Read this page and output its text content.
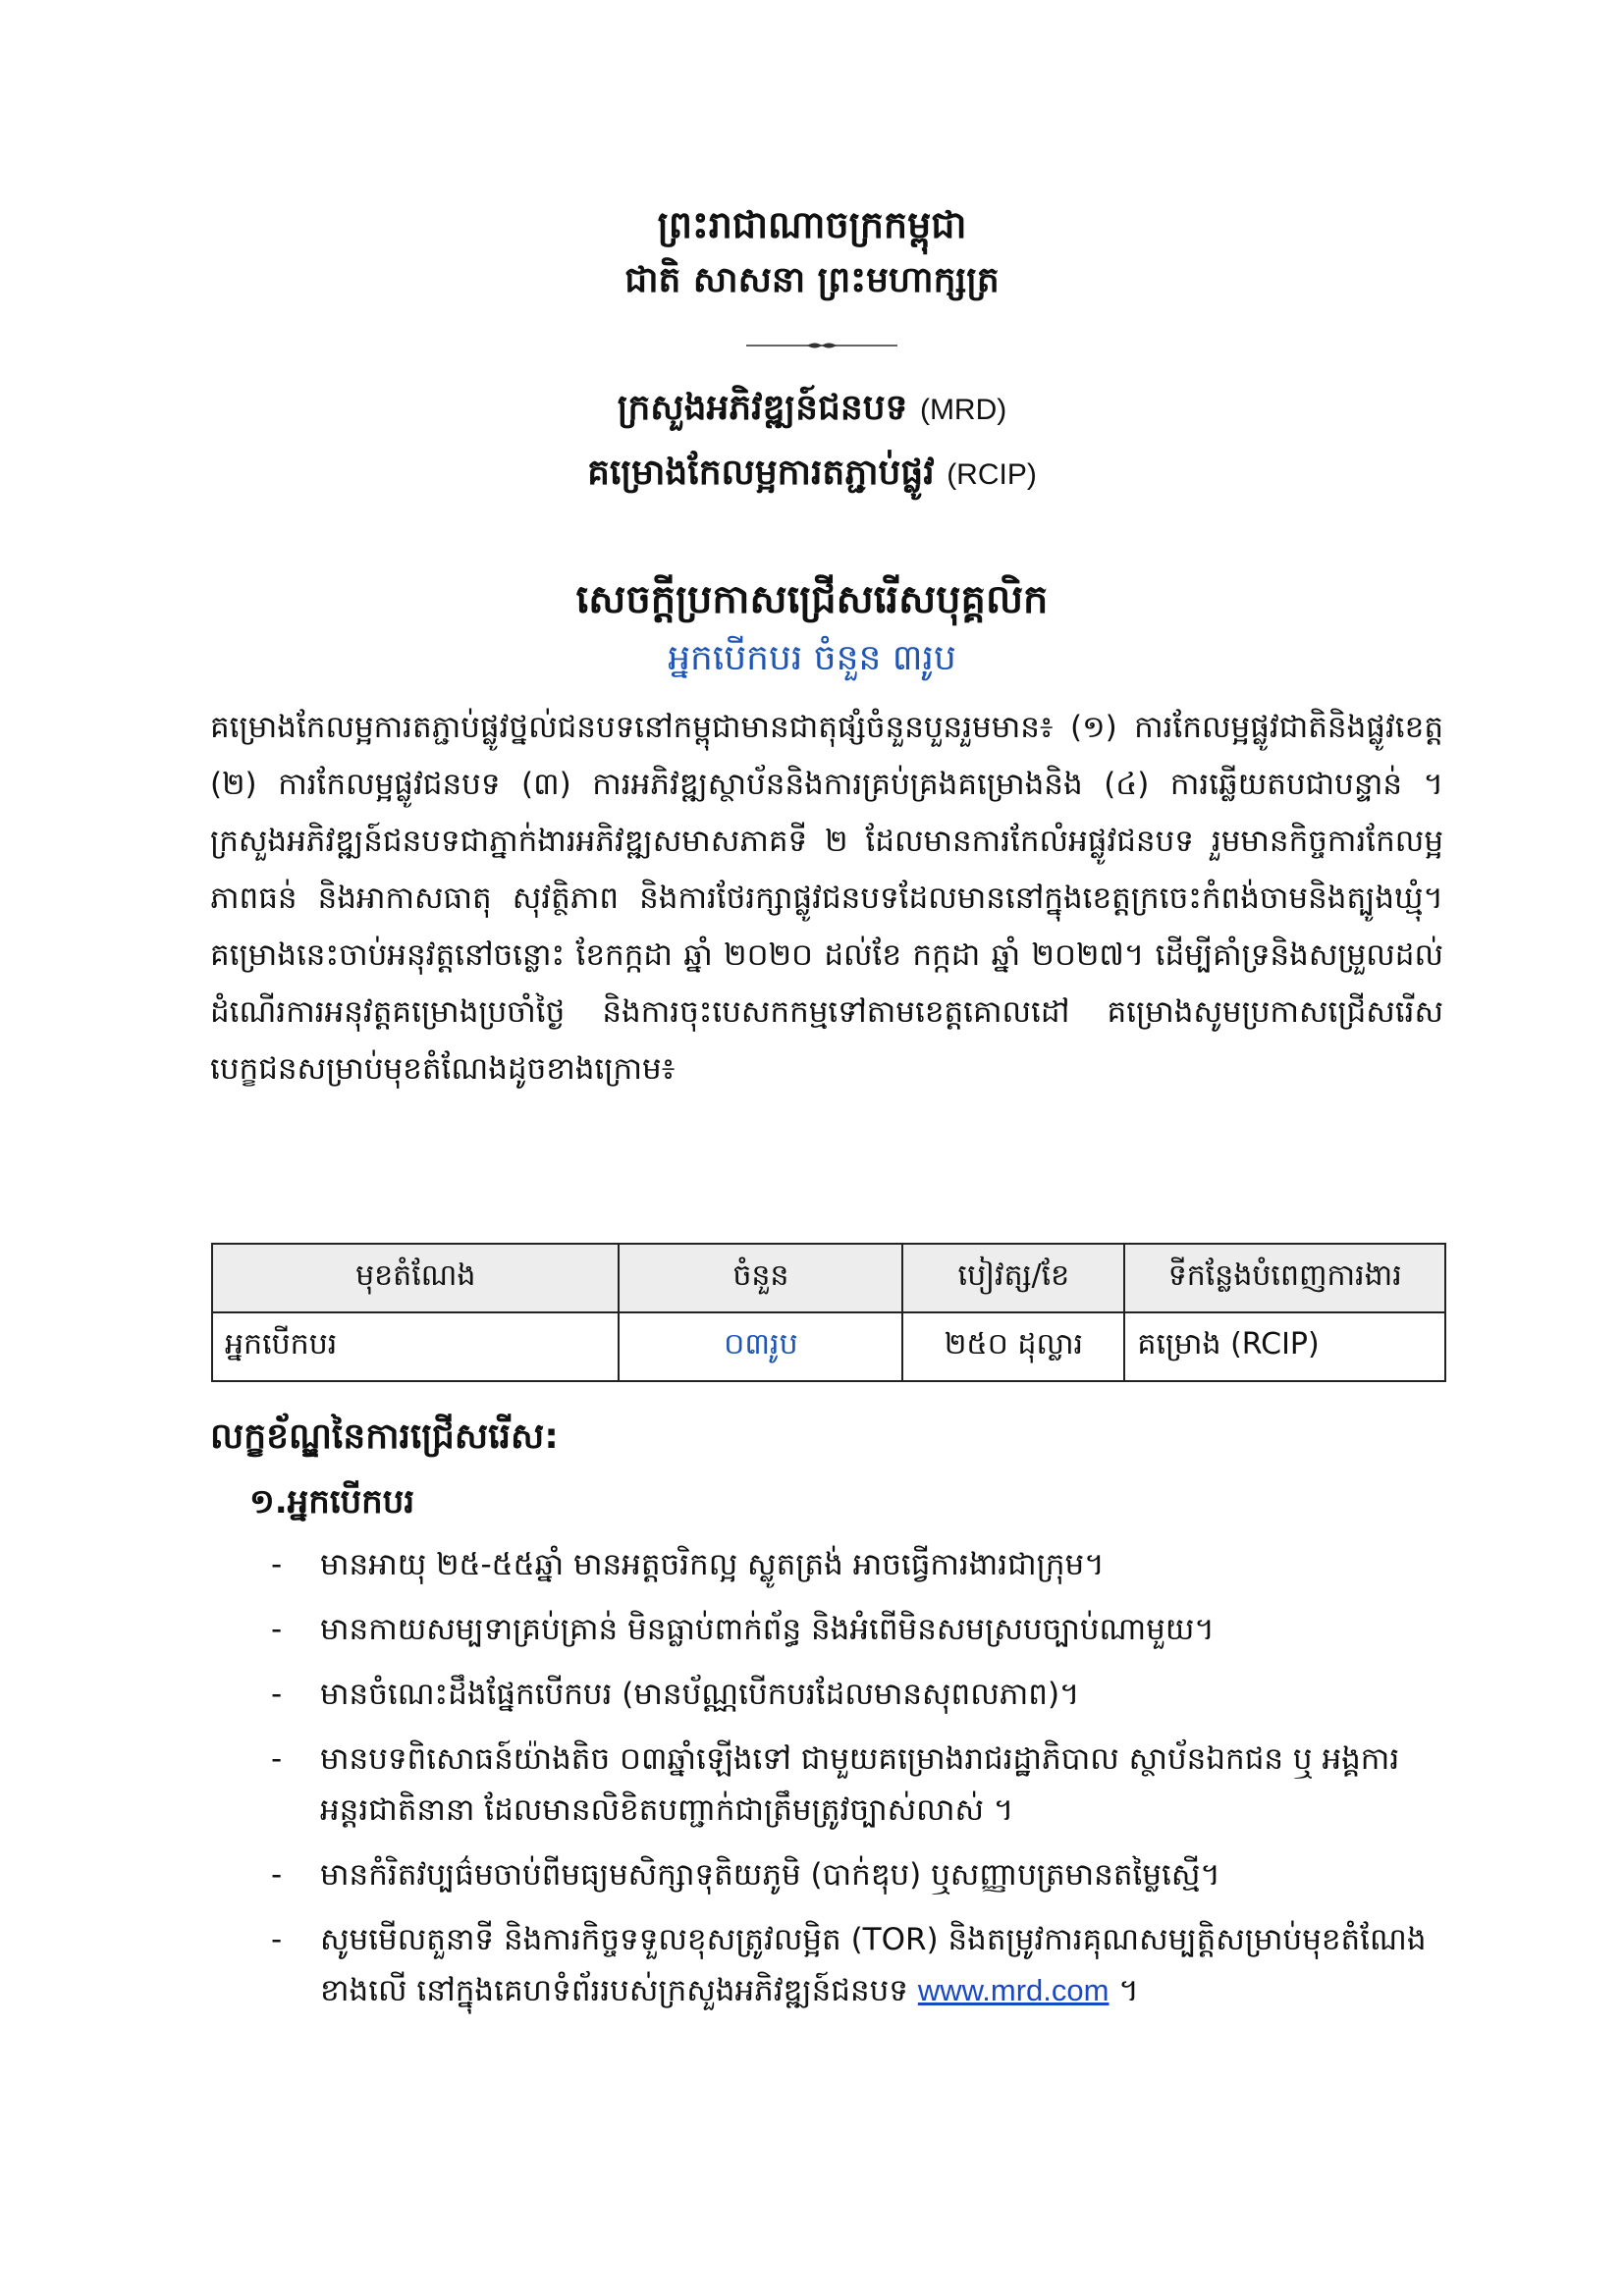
ព្រះរាជាណាចក្រកម្ពុជា
ជាតិ សាសនា ព្រះមហាក្សត្រ
ក្រសួងអភិវឌ្ឍន៍ជនបទ (MRD)
គម្រោងកែលម្អការតភ្ជាប់ផ្លូវ (RCIP)
សេចក្តីប្រកាសជ្រើសរើសបុគ្គលិក
អ្នកបើកបរ ចំនួន ៣រូប
គម្រោងកែលម្អការតភ្ជាប់ផ្លូវថ្នល់ជនបទនៅកម្ពុជាមានជាតុផ្សំចំនួនបួនរួមមាន៖ (១) ការកែលម្អផ្លូវជាតិនិងផ្លូវខេត្ត (២) ការកែលម្អផ្លូវជនបទ (៣) ការអភិវឌ្ឍស្ថាប័ននិងការគ្រប់គ្រងគម្រោងនិង (៤) ការឆ្លើយតបជាបន្ទាន់ ។ ក្រសួងអភិវឌ្ឍន៍ជនបទជាភ្នាក់ងារអភិវឌ្ឍសមាសភាគទី ២ ដែលមានការកែលំអផ្លូវជនបទ រួមមានកិច្ចការកែលម្អភាពធន់ និងអាកាសធាតុ សុវត្ថិភាព និងការថែរក្សាផ្លូវជនបទដែលមាននៅក្នុងខេត្តក្រចេះកំពង់ចាមនិងត្បូងឃ្មុំ។ គម្រោងនេះចាប់អនុវត្តនៅចន្លោះ ខែកក្កដា ឆ្នាំ ២០២០ ដល់ខែ កក្កដា ឆ្នាំ ២០២៧។ ដើម្បីគាំទ្រនិងសម្រួលដល់ដំណើរការអនុវត្តគម្រោងប្រចាំថ្ងៃ និងការចុះបេសកកម្មទៅតាមខេត្តគោលដៅ គម្រោងសូមប្រកាសជ្រើសរើសបេក្ខជនសម្រាប់មុខតំណែងដូចខាងក្រោម៖
មុខតំណែង	ចំនួន	បៀវត្ស/ខែ	ទីកន្លែងបំពេញការងារ
អ្នកបើកបរ	០៣រូប	២៥០ ដុល្លារ	គម្រោង (RCIP)
លក្ខខ័ណ្ឌនៃការជ្រើសរើស:
១.អ្នកបើកបរ
- មានអាយុ ២៥-៥៥ឆ្នាំ មានអត្តចរិកល្អ ស្លូតត្រង់ អាចធ្វើការងារជាក្រុម។
- មានកាយសម្បទាគ្រប់គ្រាន់ មិនធ្លាប់ពាក់ព័ន្ធ និងអំពើមិនសមស្របច្បាប់ណាមួយ។
- មានចំណេះដឹងផ្នែកបើកបរ (មានប័ណ្ណបើកបរដែលមានសុពលភាព)។
- មានបទពិសោធន៍យ៉ាងតិច ០៣ឆ្នាំឡើងទៅ ជាមួយគម្រោងរាជរដ្ឋាភិបាល ស្ថាប័នឯកជន ឬ អង្គការអន្តរជាតិនានា ដែលមានលិខិតបញ្ជាក់ជាត្រឹមត្រូវច្បាស់លាស់ ។
- មានកំរិតវប្បធ៌មចាប់ពីមធ្យមសិក្សាទុតិយភូមិ (បាក់ឌុប) ឬសញ្ញាបត្រមានតម្លៃស្មើ។
- សូមមើលតួនាទី និងការកិច្ចទទួលខុសត្រូវលម្អិត (TOR) និងតម្រូវការគុណសម្បត្តិសម្រាប់មុខតំណែងខាងលើ នៅក្នុងគេហទំព័ររបស់ក្រសួងអភិវឌ្ឍន៍ជនបទ www.mrd.com ។
